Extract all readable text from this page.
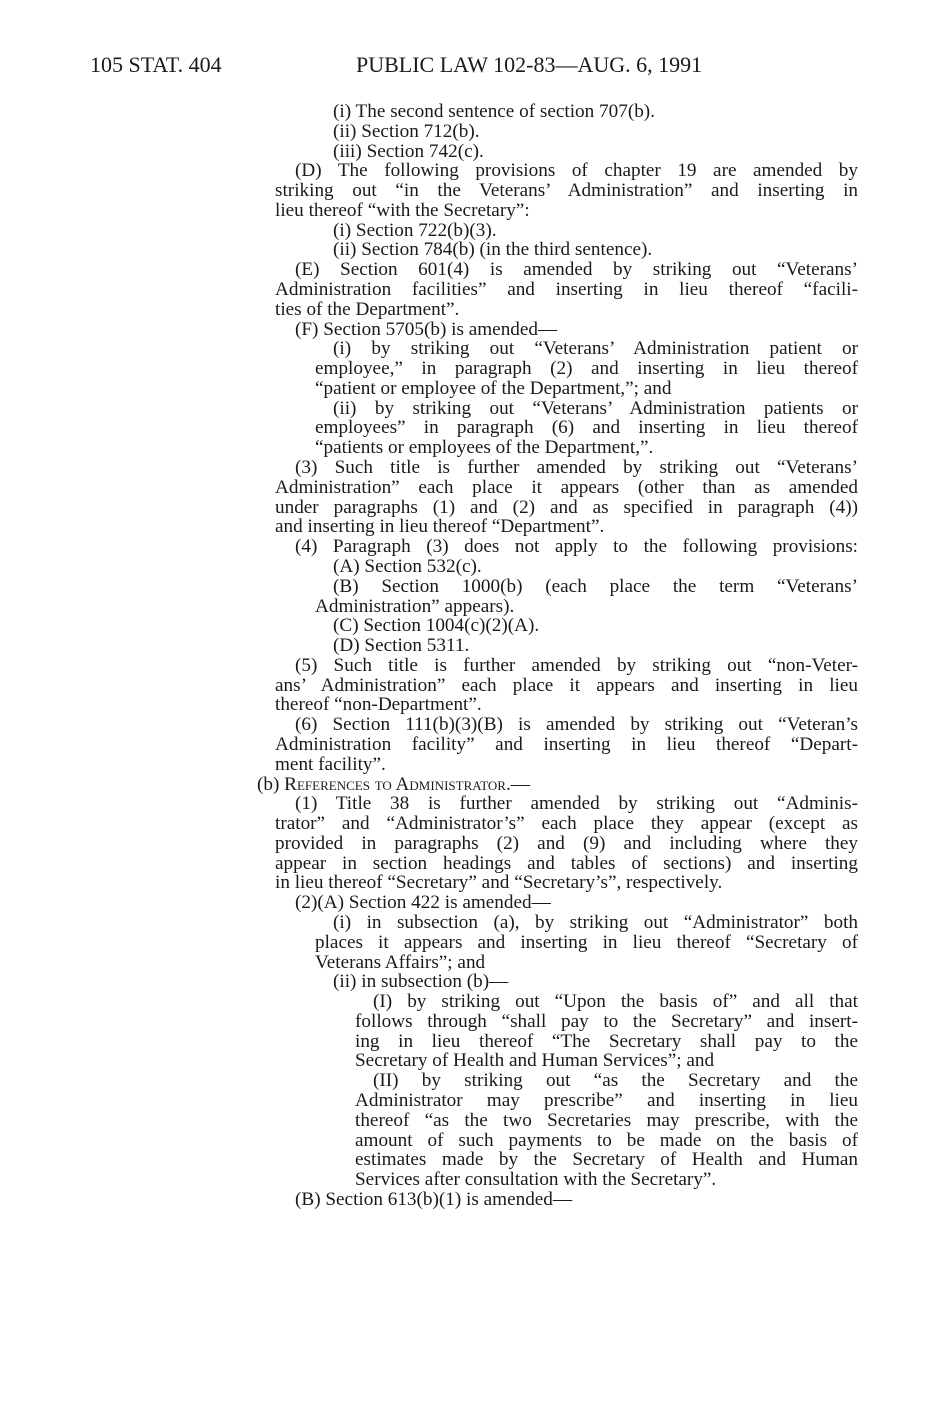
105 STAT. 404	PUBLIC LAW 102-83—AUG. 6, 1991
(i) The second sentence of section 707(b).
(ii) Section 712(b).
(iii) Section 742(c).
(D) The following provisions of chapter 19 are amended by
striking out “in the Veterans’ Administration” and inserting in
lieu thereof “with the Secretary”:
(i) Section 722(b)(3).
(ii) Section 784(b) (in the third sentence).
(E) Section 601(4) is amended by striking out “Veterans’
Administration facilities” and inserting in lieu thereof “facili-
ties of the Department”.
(F) Section 5705(b) is amended—
(i) by striking out “Veterans’ Administration patient or
employee,” in paragraph (2) and inserting in lieu thereof
“patient or employee of the Department,”; and
(ii) by striking out “Veterans’ Administration patients or
employees” in paragraph (6) and inserting in lieu thereof
“patients or employees of the Department,”.
(3) Such title is further amended by striking out “Veterans’
Administration” each place it appears (other than as amended
under paragraphs (1) and (2) and as specified in paragraph (4))
and inserting in lieu thereof “Department”.
(4) Paragraph (3) does not apply to the following provisions:
(A) Section 532(c).
(B) Section 1000(b) (each place the term “Veterans’
Administration” appears).
(C) Section 1004(c)(2)(A).
(D) Section 5311.
(5) Such title is further amended by striking out “non-Veter-
ans’ Administration” each place it appears and inserting in lieu
thereof “non-Department”.
(6) Section 111(b)(3)(B) is amended by striking out “Veteran’s
Administration facility” and inserting in lieu thereof “Depart-
ment facility”.
(b) References to Administrator.—
(1) Title 38 is further amended by striking out “Adminis-
trator” and “Administrator’s” each place they appear (except as
provided in paragraphs (2) and (9) and including where they
appear in section headings and tables of sections) and inserting
in lieu thereof “Secretary” and “Secretary’s”, respectively.
(2)(A) Section 422 is amended—
(i) in subsection (a), by striking out “Administrator” both
places it appears and inserting in lieu thereof “Secretary of
Veterans Affairs”; and
(ii) in subsection (b)—
(I) by striking out “Upon the basis of” and all that
follows through “shall pay to the Secretary” and insert-
ing in lieu thereof “The Secretary shall pay to the
Secretary of Health and Human Services”; and
(II) by striking out “as the Secretary and the
Administrator may prescribe” and inserting in lieu
thereof “as the two Secretaries may prescribe, with the
amount of such payments to be made on the basis of
estimates made by the Secretary of Health and Human
Services after consultation with the Secretary”.
(B) Section 613(b)(1) is amended—
